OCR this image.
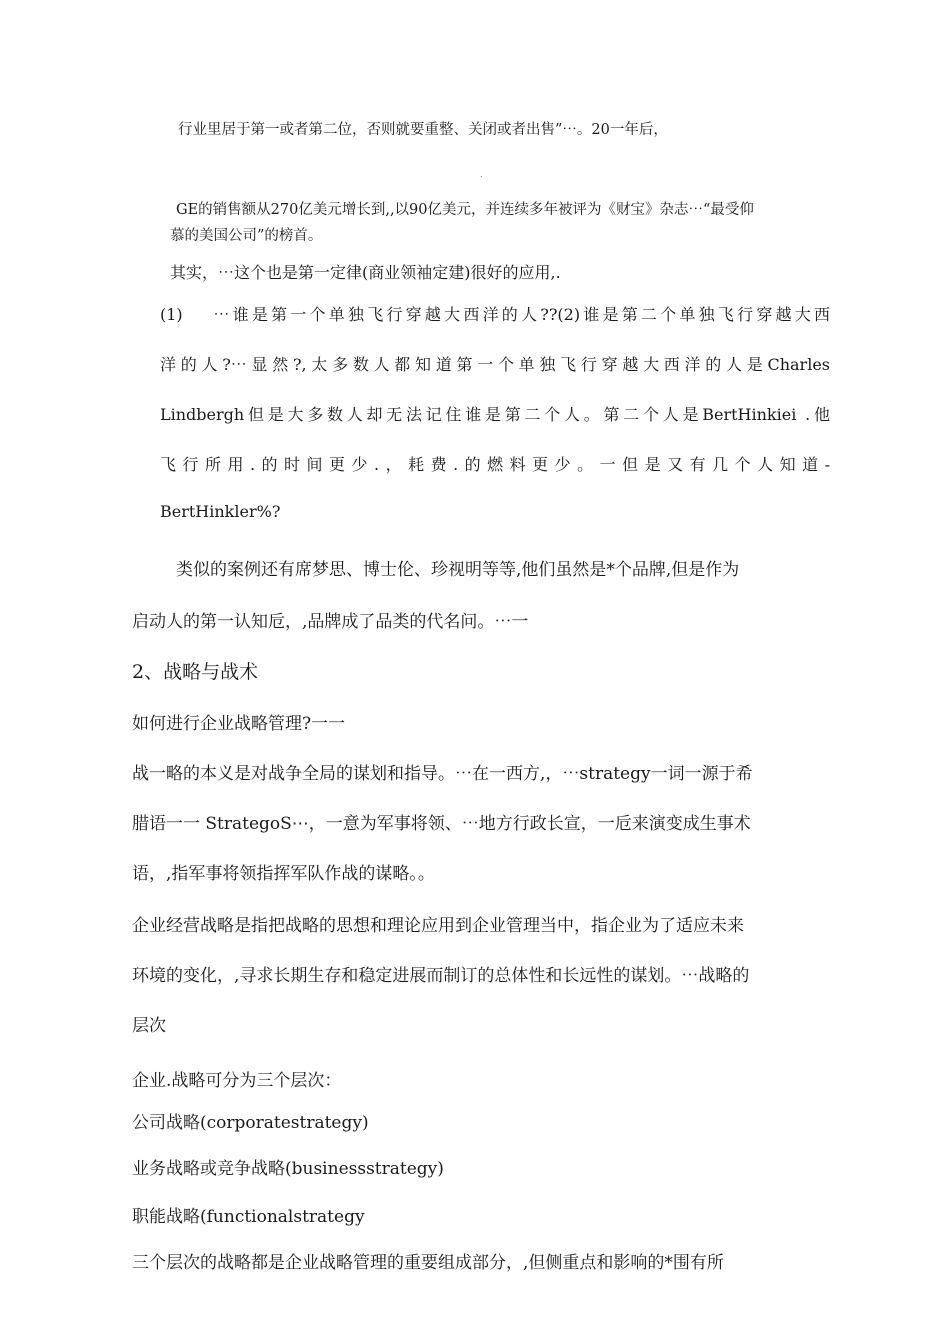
行业里居于第一或者第二位，否则就要重整、关闭或者出售”⋯。20一年后，

.

GE的销售额从270亿美元增长到,,以90亿美元，并连续多年被评为《财宝》杂志⋯“最受仰

慕的美国公司”的榜首。

其实，⋯这个也是第一定律(商业领袖定建)很好的应用,.

(1)　 ⋯谁是第一个单独飞行穿越大西洋的人??(2)谁是第二个单独飞行穿越大西

洋的人?⋯显然?,太多数人都知道第一个单独飞行穿越大西洋的人是Charles

Lindbergh但是大多数人却无法记住谁是第二个人。第二个人是BertHinkiei .他

飞行所用.的时间更少.，耗费.的燃料更少。一但是又有几个人知道-

BertHinkler%?

类似的案例还有席梦思、博士伦、珍视明等等,他们虽然是*个品牌,但是作为

启动人的第一认知卮，,品牌成了品类的代名问。⋯一

2、战略与战术

如何进行企业战略管理?一一

战一略的本义是对战争全局的谋划和指导。⋯在一西方,，⋯strategy一词一源于希

腊语一一 StrategoS⋯，一意为军事将领、⋯地方行政长宣，一卮来演变成生事术

语，,指军事将领指挥军队作战的谋略。。

企业经营战略是指把战略的思想和理论应用到企业管理当中，指企业为了适应未来

环境的变化，,寻求长期生存和稳定进展而制订的总体性和长远性的谋划。⋯战略的

层次

企业.战略可分为三个层次：

公司战略(corporatestrategy)

业务战略或竞争战略(businessstrategy)

职能战略(functionalstrategy

三个层次的战略都是企业战略管理的重要组成部分，,但侧重点和影响的*围有所
